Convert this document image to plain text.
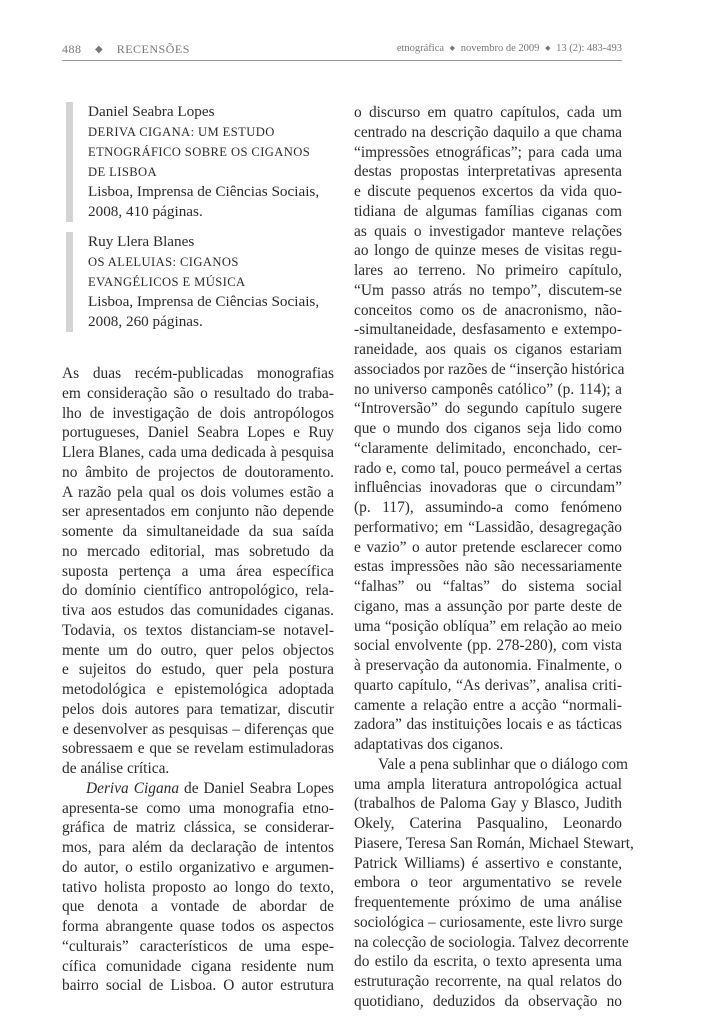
488 ◆ RECENSÕES	etnográfica ◆ novembro de 2009 ◆ 13 (2): 483-493
Daniel Seabra Lopes
DERIVA CIGANA: UM ESTUDO
ETNOGRÁFICO SOBRE OS CIGANOS
DE LISBOA
Lisboa, Imprensa de Ciências Sociais,
2008, 410 páginas.
Ruy Llera Blanes
OS ALELUIAS: CIGANOS
EVANGÉLICOS E MÚSICA
Lisboa, Imprensa de Ciências Sociais,
2008, 260 páginas.
As duas recém-publicadas monografias
em consideração são o resultado do traba-
lho de investigação de dois antropólogos
portugueses, Daniel Seabra Lopes e Ruy
Llera Blanes, cada uma dedicada à pesquisa
no âmbito de projectos de doutoramento.
A razão pela qual os dois volumes estão a
ser apresentados em conjunto não depende
somente da simultaneidade da sua saída
no mercado editorial, mas sobretudo da
suposta pertença a uma área específica
do domínio científico antropológico, rela-
tiva aos estudos das comunidades ciganas.
Todavia, os textos distanciam-se notavel-
mente um do outro, quer pelos objectos
e sujeitos do estudo, quer pela postura
metodológica e epistemológica adoptada
pelos dois autores para tematizar, discutir
e desenvolver as pesquisas – diferenças que
sobressaem e que se revelam estimuladoras
de análise crítica.
Deriva Cigana de Daniel Seabra Lopes
apresenta-se como uma monografia etno-
gráfica de matriz clássica, se considerar-
mos, para além da declaração de intentos
do autor, o estilo organizativo e argumen-
tativo holista proposto ao longo do texto,
que denota a vontade de abordar de
forma abrangente quase todos os aspectos
“culturais” característicos de uma espe-
cífica comunidade cigana residente num
bairro social de Lisboa. O autor estrutura
o discurso em quatro capítulos, cada um
centrado na descrição daquilo a que chama
“impressões etnográficas”; para cada uma
destas propostas interpretativas apresenta
e discute pequenos excertos da vida quo-
tidiana de algumas famílias ciganas com
as quais o investigador manteve relações
ao longo de quinze meses de visitas regu-
lares ao terreno. No primeiro capítulo,
“Um passo atrás no tempo”, discutem-se
conceitos como os de anacronismo, não-
-simultaneidade, desfasamento e extempo-
raneidade, aos quais os ciganos estariam
associados por razões de “inserção histórica
no universo camponês católico” (p. 114); a
“Introversão” do segundo capítulo sugere
que o mundo dos ciganos seja lido como
“claramente delimitado, enconchado, cer-
rado e, como tal, pouco permeável a certas
influências inovadoras que o circundam”
(p. 117), assumindo-a como fenómeno
performativo; em “Lassidão, desagregação
e vazio” o autor pretende esclarecer como
estas impressões não são necessariamente
“falhas” ou “faltas” do sistema social
cigano, mas a assunção por parte deste de
uma “posição oblíqua” em relação ao meio
social envolvente (pp. 278-280), com vista
à preservação da autonomia. Finalmente, o
quarto capítulo, “As derivas”, analisa criti-
camente a relação entre a acção “normali-
zadora” das instituições locais e as tácticas
adaptativas dos ciganos.
Vale a pena sublinhar que o diálogo com
uma ampla literatura antropológica actual
(trabalhos de Paloma Gay y Blasco, Judith
Okely, Caterina Pasqualino, Leonardo
Piasere, Teresa San Román, Michael Stewart,
Patrick Williams) é assertivo e constante,
embora o teor argumentativo se revele
frequentemente próximo de uma análise
sociológica – curiosamente, este livro surge
na colecção de sociologia. Talvez decorrente
do estilo da escrita, o texto apresenta uma
estruturação recorrente, na qual relatos do
quotidiano, deduzidos da observação no
